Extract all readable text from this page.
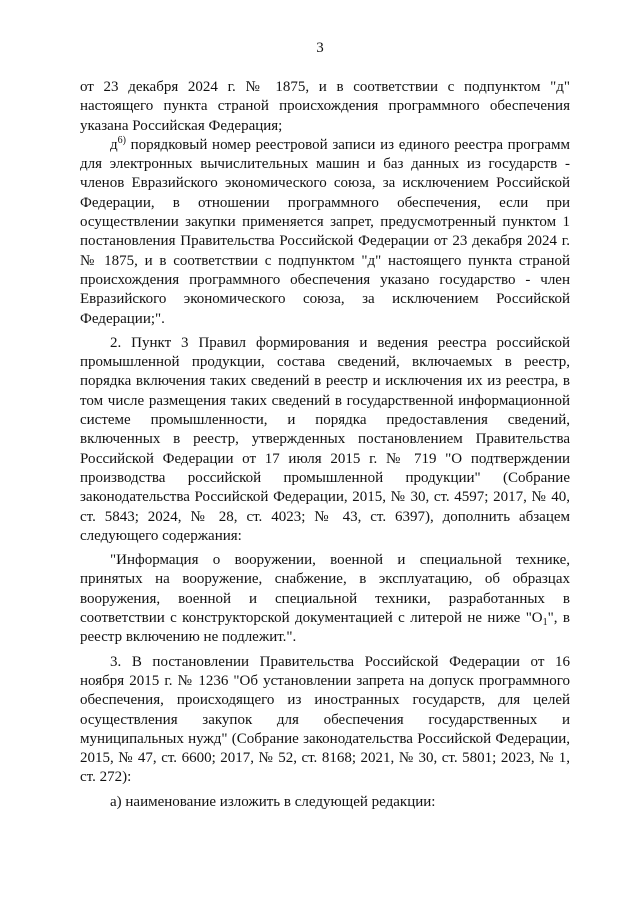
3

от 23 декабря 2024 г. № 1875, и в соответствии с подпунктом "д" настоящего пункта страной происхождения программного обеспечения указана Российская Федерация;

$д^{6)}$ порядковый номер реестровой записи из единого реестра программ для электронных вычислительных машин и баз данных из государств - членов Евразийского экономического союза, за исключением Российской Федерации, в отношении программного обеспечения, если при осуществлении закупки применяется запрет, предусмотренный пунктом 1 постановления Правительства Российской Федерации от 23 декабря 2024 г. № 1875, и в соответствии с подпунктом "д" настоящего пункта страной происхождения программного обеспечения указано государство - член Евразийского экономического союза, за исключением Российской Федерации;".

2. Пункт 3 Правил формирования и ведения реестра российской промышленной продукции, состава сведений, включаемых в реестр, порядка включения таких сведений в реестр и исключения их из реестра, в том числе размещения таких сведений в государственной информационной системе промышленности, и порядка предоставления сведений, включенных в реестр, утвержденных постановлением Правительства Российской Федерации от 17 июля 2015 г. № 719 "О подтверждении производства российской промышленной продукции" (Собрание законодательства Российской Федерации, 2015, № 30, ст. 4597; 2017, № 40, ст. 5843; 2024, № 28, ст. 4023; № 43, ст. 6397), дополнить абзацем следующего содержания:

"Информация о вооружении, военной и специальной технике, принятых на вооружение, снабжение, в эксплуатацию, об образцах вооружения, военной и специальной техники, разработанных в соответствии с конструкторской документацией с литерой не ниже "$О_1$", в реестр включению не подлежит.".

3. В постановлении Правительства Российской Федерации от 16 ноября 2015 г. № 1236 "Об установлении запрета на допуск программного обеспечения, происходящего из иностранных государств, для целей осуществления закупок для обеспечения государственных и муниципальных нужд" (Собрание законодательства Российской Федерации, 2015, № 47, ст. 6600; 2017, № 52, ст. 8168; 2021, № 30, ст. 5801; 2023, № 1, ст. 272):

а) наименование изложить в следующей редакции:
